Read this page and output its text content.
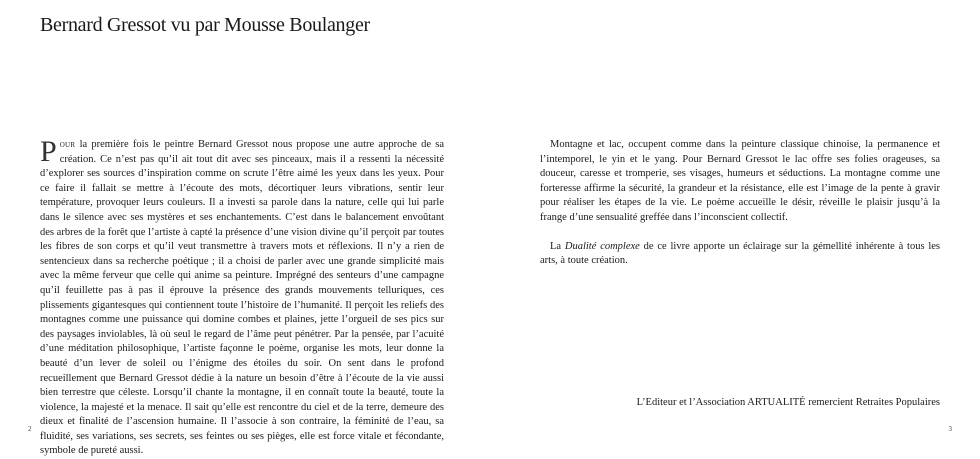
Bernard Gressot vu par Mousse Boulanger

Pour la première fois le peintre Bernard Gressot nous propose une autre approche de sa création. Ce n’est pas qu’il ait tout dit avec ses pinceaux, mais il a ressenti la nécessité d’explorer ses sources d’inspiration comme on scrute l’être aimé les yeux dans les yeux. Pour ce faire il fallait se mettre à l’écoute des mots, décortiquer leurs vibrations, sentir leur température, provoquer leurs couleurs. Il a investi sa parole dans la nature, celle qui lui parle dans le silence avec ses mystères et ses enchantements. C’est dans le balancement envoûtant des arbres de la forêt que l’artiste à capté la présence d’une vision divine qu’il perçoit par toutes les fibres de son corps et qu’il veut transmettre à travers mots et réflexions. Il n’y a rien de sentencieux dans sa recherche poétique ; il a choisi de parler avec une grande simplicité mais avec la même ferveur que celle qui anime sa peinture. Imprégné des senteurs d’une campagne qu’il feuillette pas à pas il éprouve la présence des grands mouvements telluriques, ces plissements gigantesques qui contiennent toute l’histoire de l’humanité. Il perçoit les reliefs des montagnes comme une puissance qui domine combes et plaines, jette l’orgueil de ses pics sur des paysages inviolables, là où seul le regard de l’âme peut pénétrer. Par la pensée, par l’acuité d’une méditation philosophique, l’artiste façonne le poème, organise les mots, leur donne la beauté d’un lever de soleil ou l’énigme des étoiles du soir. On sent dans le profond recueillement que Bernard Gressot dédie à la nature un besoin d’être à l’écoute de la vie aussi bien terrestre que céleste. Lorsqu’il chante la montagne, il en connaît toute la beauté, toute la violence, la majesté et la menace. Il sait qu’elle est rencontre du ciel et de la terre, demeure des dieux et finalité de l’ascension humaine. Il l’associe à son contraire, la féminité de l’eau, sa fluidité, ses variations, ses secrets, ses feintes ou ses pièges, elle est force vitale et fécondante, symbole de pureté aussi.

2

Montagne et lac, occupent comme dans la peinture classique chinoise, la permanence et l’intemporel, le yin et le yang. Pour Bernard Gressot le lac offre ses folies orageuses, sa douceur, caresse et tromperie, ses visages, humeurs et séductions. La montagne comme une forteresse affirme la sécurité, la grandeur et la résistance, elle est l’image de la pente à gravir pour réaliser les étapes de la vie. Le poème accueille le désir, réveille le plaisir jusqu’à la frange d’une sensualité greffée dans l’inconscient collectif.

La Dualité complexe de ce livre apporte un éclairage sur la gémellité inhérente à tous les arts, à toute création.

L’Editeur et l’Association ARTUALITÉ remercient Retraites Populaires

3
